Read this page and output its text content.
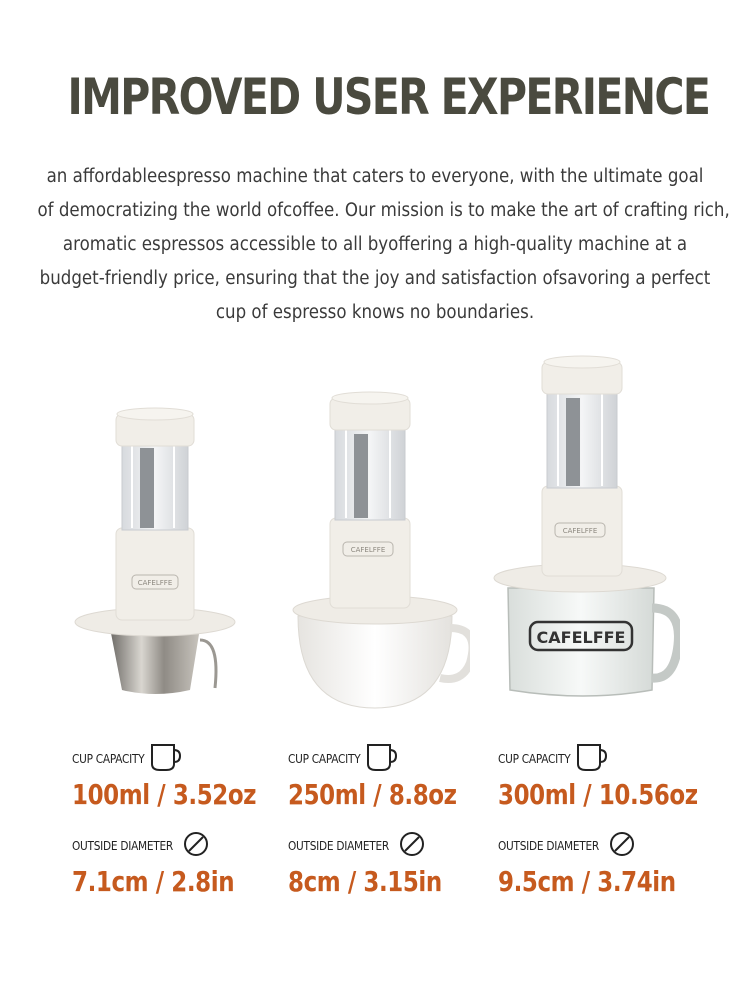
IMPROVED USER EXPERIENCE
an affordableespresso machine that caters to everyone, with the ultimate goal
of democratizing the world ofcoffee. Our mission is to make the art of crafting rich,
aromatic espressos accessible to all byoffering a high-quality machine at a
budget-friendly price, ensuring that the joy and satisfaction ofsavoring a perfect
cup of espresso knows no boundaries.
CAFELFFE
CAFELFFE
CAFELFFE
CAFELFFE
CUP CAPACITY
100ml / 3.52oz
OUTSIDE DIAMETER
7.1cm / 2.8in
CUP CAPACITY
250ml / 8.8oz
OUTSIDE DIAMETER
8cm / 3.15in
CUP CAPACITY
300ml / 10.56oz
OUTSIDE DIAMETER
9.5cm / 3.74in
